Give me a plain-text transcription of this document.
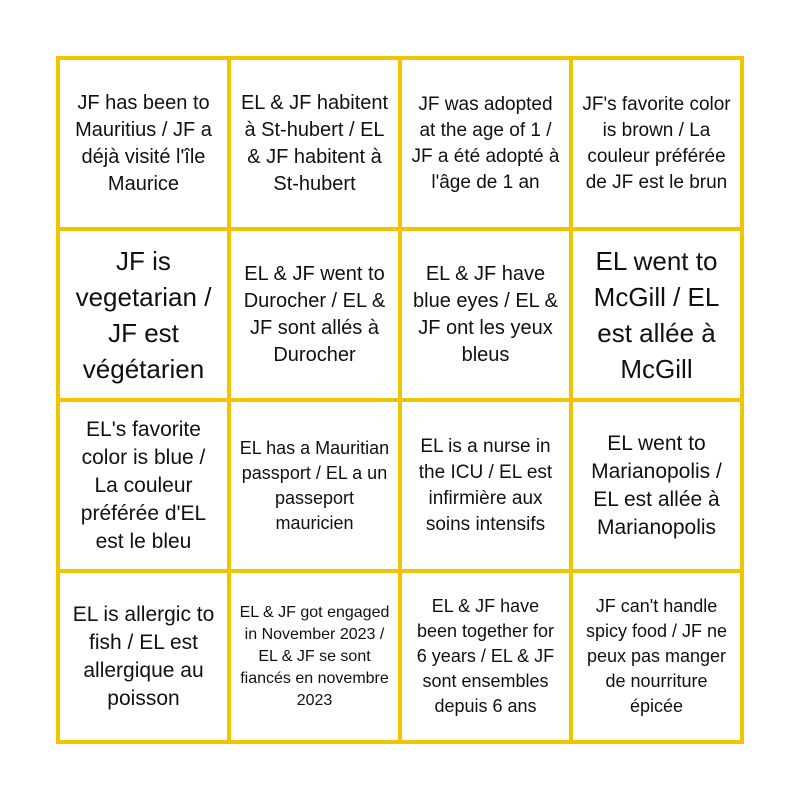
JF has been to Mauritius / JF a déjà visité l'île Maurice
EL & JF habitent à St-hubert / EL & JF habitent à St-hubert
JF was adopted at the age of 1 / JF a été adopté à l'âge de 1 an
JF's favorite color is brown / La couleur préférée de JF est le brun
JF is vegetarian / JF est végétarien
EL & JF went to Durocher / EL & JF sont allés à Durocher
EL & JF have blue eyes / EL & JF ont les yeux bleus
EL went to McGill / EL est allée à McGill
EL's favorite color is blue / La couleur préférée d'EL est le bleu
EL has a Mauritian passport / EL a un passeport mauricien
EL is a nurse in the ICU / EL est infirmière aux soins intensifs
EL went to Marianopolis / EL est allée à Marianopolis
EL is allergic to fish / EL est allergique au poisson
EL & JF got engaged in November 2023 / EL & JF se sont fiancés en novembre 2023
EL & JF have been together for 6 years / EL & JF sont ensembles depuis 6 ans
JF can't handle spicy food / JF ne peux pas manger de nourriture épicée
